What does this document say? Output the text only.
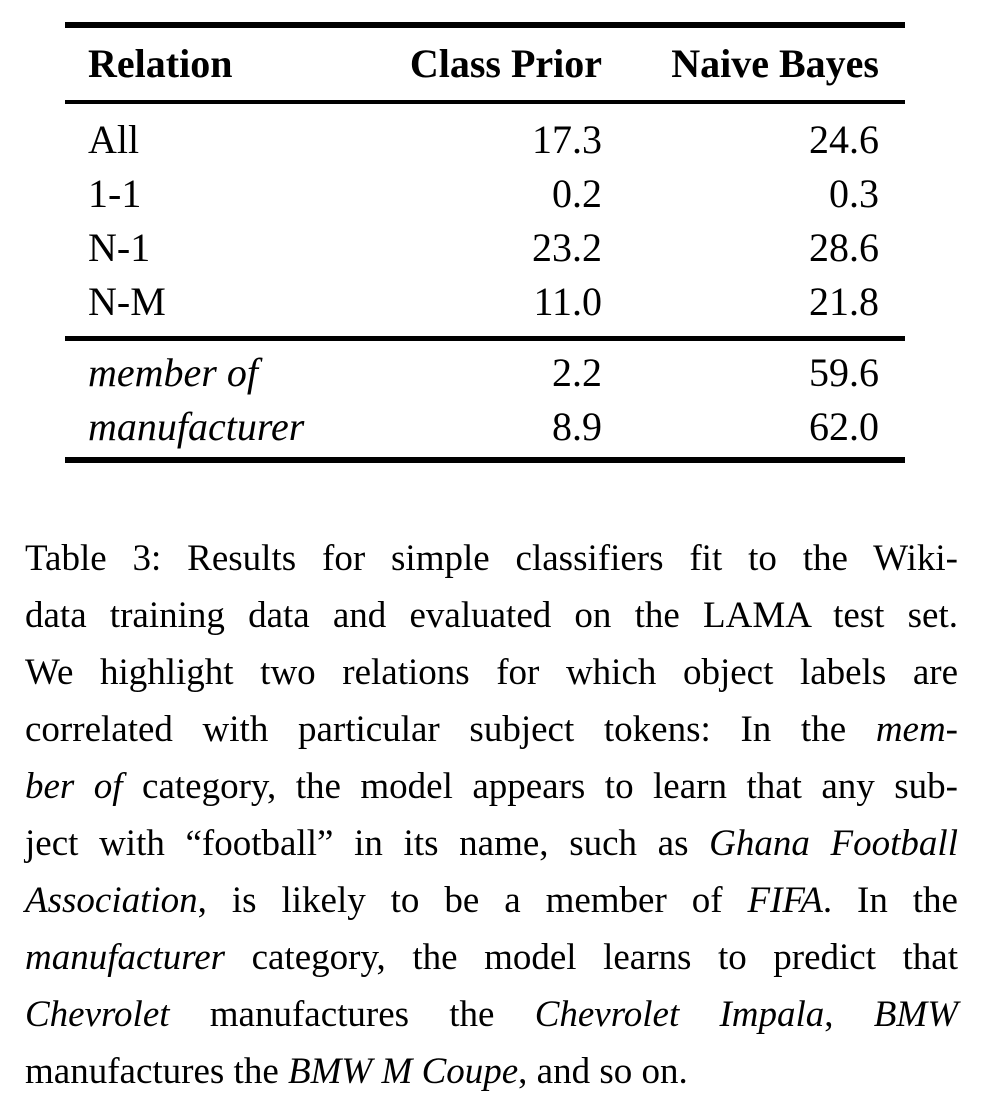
Relation	Class Prior	Naive Bayes
All	17.3	24.6
1-1	0.2	0.3
N-1	23.2	28.6
N-M	11.0	21.8
member of	2.2	59.6
manufacturer	8.9	62.0
Table 3: Results for simple classifiers fit to the Wiki-
data training data and evaluated on the LAMA test set.
We highlight two relations for which object labels are
correlated with particular subject tokens: In the mem-
ber of category, the model appears to learn that any sub-
ject with “football” in its name, such as Ghana Football
Association, is likely to be a member of FIFA. In the
manufacturer category, the model learns to predict that
Chevrolet manufactures the Chevrolet Impala, BMW
manufactures the BMW M Coupe, and so on.
